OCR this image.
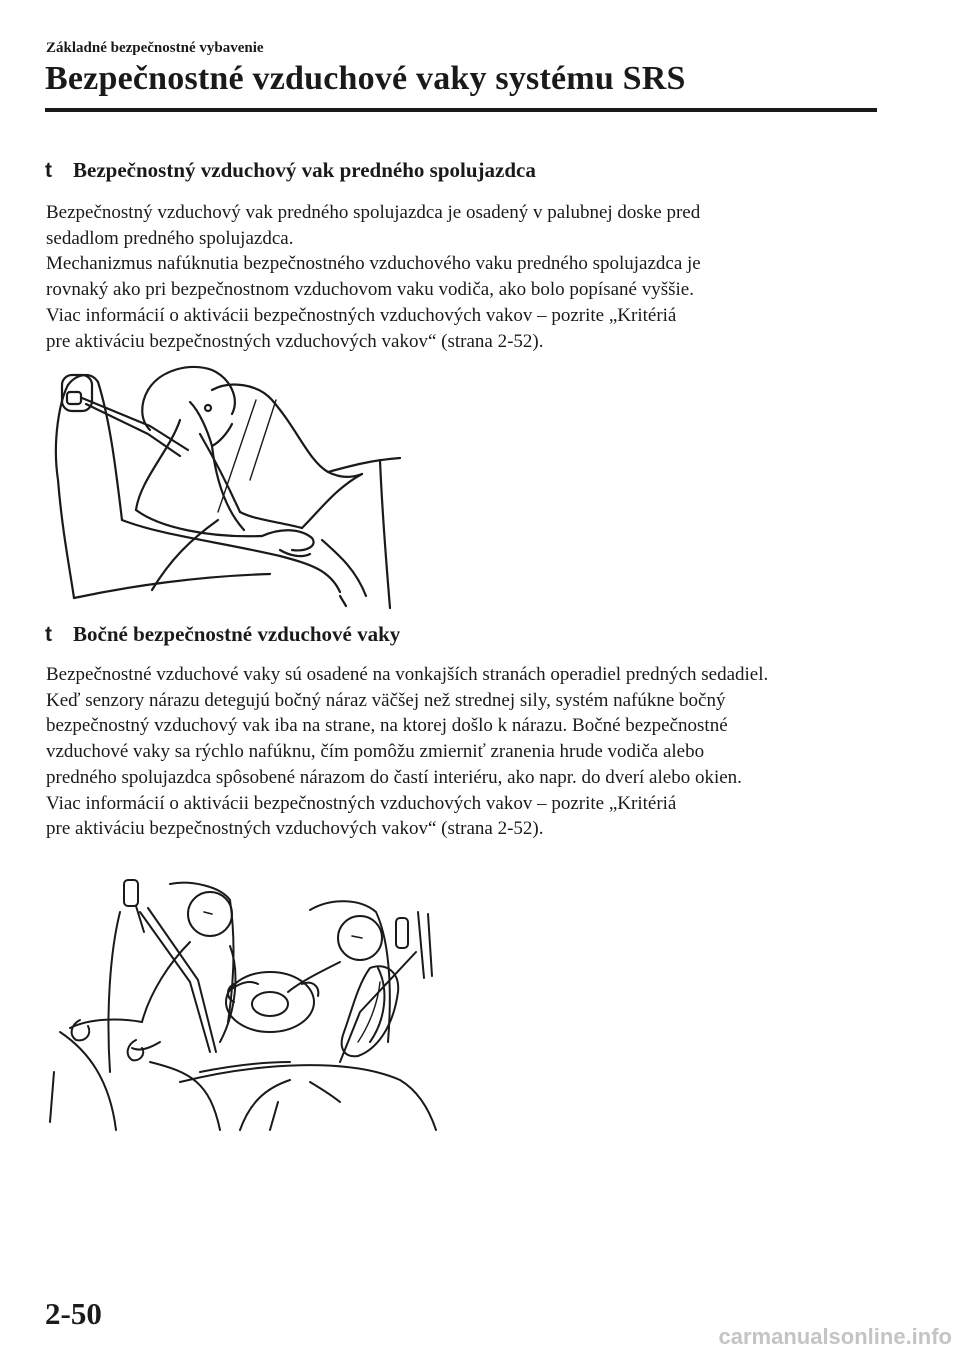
Základné bezpečnostné vybavenie
Bezpečnostné vzduchové vaky systému SRS
t	Bezpečnostný vzduchový vak predného spolujazdca

Bezpečnostný vzduchový vak predného spolujazdca je osadený v palubnej doske pred
sedadlom predného spolujazdca.
Mechanizmus nafúknutia bezpečnostného vzduchového vaku predného spolujazdca je
rovnaký ako pri bezpečnostnom vzduchovom vaku vodiča, ako bolo popísané vyššie.
Viac informácií o aktivácii bezpečnostných vzduchových vakov – pozrite „Kritériá
pre aktiváciu bezpečnostných vzduchových vakov“ (strana 2-52).

t	Bočné bezpečnostné vzduchové vaky

Bezpečnostné vzduchové vaky sú osadené na vonkajších stranách operadiel predných sedadiel.
Keď senzory nárazu detegujú bočný náraz väčšej než strednej sily, systém nafúkne bočný
bezpečnostný vzduchový vak iba na strane, na ktorej došlo k nárazu. Bočné bezpečnostné
vzduchové vaky sa rýchlo nafúknu, čím pomôžu zmierniť zranenia hrude vodiča alebo
predného spolujazdca spôsobené nárazom do častí interiéru, ako napr. do dverí alebo okien.
Viac informácií o aktivácii bezpečnostných vzduchových vakov – pozrite „Kritériá
pre aktiváciu bezpečnostných vzduchových vakov“ (strana 2-52).

2-50
carmanualsonline.info
